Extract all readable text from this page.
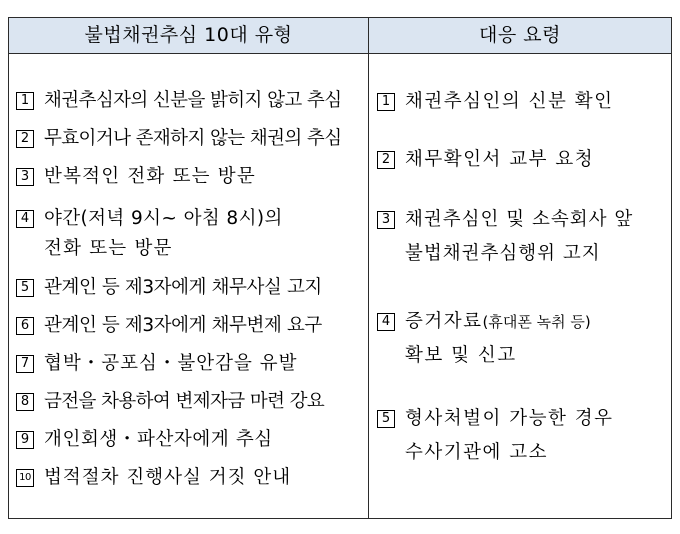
불법채권추심 10대 유형	대응 요령
1 채권추심자의 신분을 밝히지 않고 추심
2 무효이거나 존재하지 않는 채권의 추심
3 반복적인 전화 또는 방문
4 야간(저녁 9시~ 아침 8시)의
전화 또는 방문
5 관계인 등 제3자에게 채무사실 고지
6 관계인 등 제3자에게 채무변제 요구
7 협박・공포심・불안감을 유발
8 금전을 차용하여 변제자금 마련 강요
9 개인회생・파산자에게 추심
10 법적절차 진행사실 거짓 안내
1 채권추심인의 신분 확인
2 채무확인서 교부 요청
3 채권추심인 및 소속회사 앞
불법채권추심행위 고지
4 증거자료(휴대폰 녹취 등)
확보 및 신고
5 형사처벌이 가능한 경우
수사기관에 고소
